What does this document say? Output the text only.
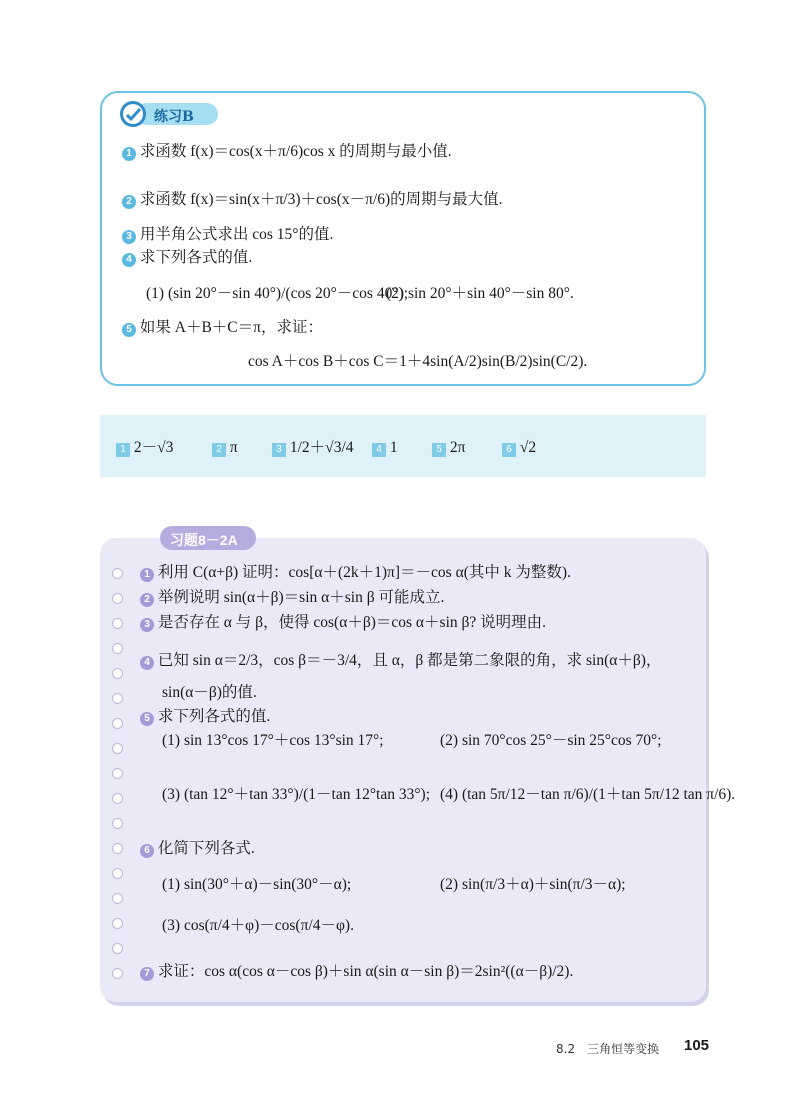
练习B
1 求函数 f(x)＝cos(x＋π/6)cos x 的周期与最小值.
2 求函数 f(x)＝sin(x＋π/3)＋cos(x－π/6)的周期与最大值.
3 用半角公式求出 cos 15°的值.
4 求下列各式的值.
(1) (sin 20°－sin 40°)/(cos 20°－cos 40°);
(2) sin 20°＋sin 40°－sin 80°.
5 如果 A＋B＋C＝π，求证：
cos A＋cos B＋cos C＝1＋4sin(A/2)sin(B/2)sin(C/2).
1 2－√3	2 π	3 1/2＋√3/4	4 1	5 2π	6 √2
习题8－2A
1 利用 C(α+β) 证明：cos[α＋(2k＋1)π]＝－cos α(其中 k 为整数).
2 举例说明 sin(α＋β)＝sin α＋sin β 可能成立.
3 是否存在 α 与 β，使得 cos(α＋β)＝cos α＋sin β? 说明理由.
4 已知 sin α＝2/3，cos β＝－3/4，且 α，β 都是第二象限的角，求 sin(α＋β)，
sin(α－β)的值.
5 求下列各式的值.
(1) sin 13°cos 17°＋cos 13°sin 17°;	(2) sin 70°cos 25°－sin 25°cos 70°;
(3) (tan 12°＋tan 33°)/(1－tan 12°tan 33°); (4) (tan 5π/12－tan π/6)/(1＋tan 5π/12 tan π/6).
6 化简下列各式.
(1) sin(30°＋α)－sin(30°－α);	(2) sin(π/3＋α)＋sin(π/3－α);
(3) cos(π/4＋φ)－cos(π/4－φ).
7 求证：cos α(cos α－cos β)＋sin α(sin α－sin β)＝2sin²((α－β)/2).
8.2　三角恒等变换 105
